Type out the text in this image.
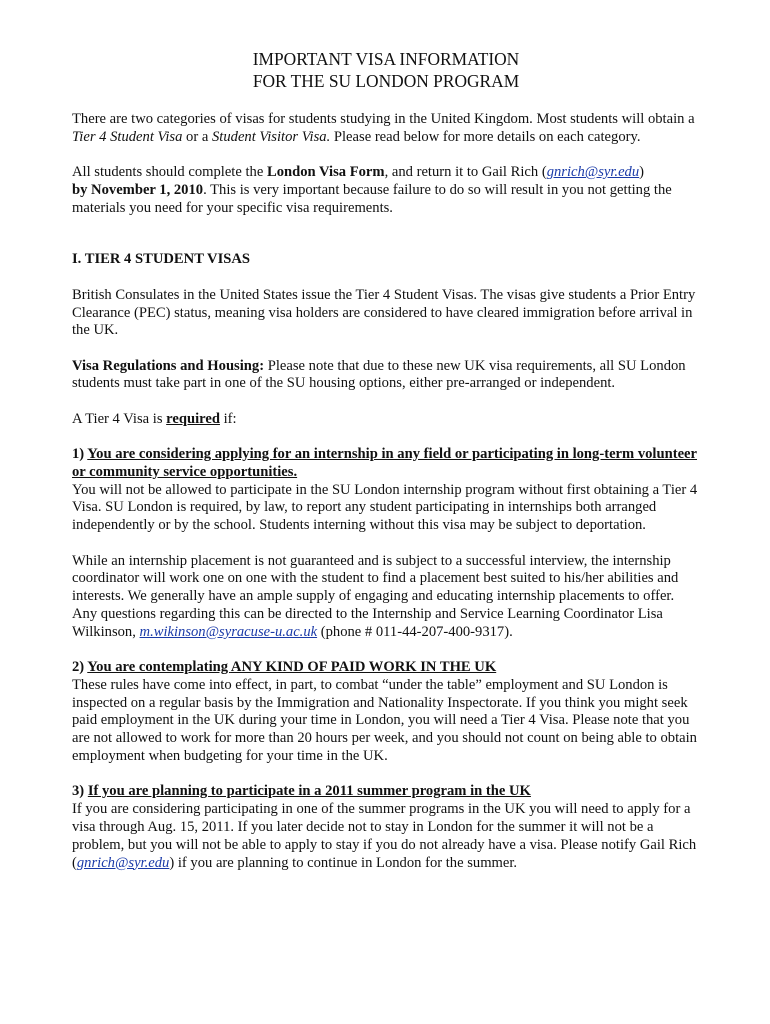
IMPORTANT VISA INFORMATION
FOR THE SU LONDON PROGRAM

There are two categories of visas for students studying in the United Kingdom. Most students will obtain a Tier 4 Student Visa or a Student Visitor Visa. Please read below for more details on each category.

All students should complete the London Visa Form, and return it to Gail Rich (gnrich@syr.edu)
by November 1, 2010. This is very important because failure to do so will result in you not getting the materials you need for your specific visa requirements.

I. TIER 4 STUDENT VISAS

British Consulates in the United States issue the Tier 4 Student Visas. The visas give students a Prior Entry Clearance (PEC) status, meaning visa holders are considered to have cleared immigration before arrival in the UK.

Visa Regulations and Housing: Please note that due to these new UK visa requirements, all SU London students must take part in one of the SU housing options, either pre-arranged or independent.

A Tier 4 Visa is required if:

1) You are considering applying for an internship in any field or participating in long-term volunteer or community service opportunities.
You will not be allowed to participate in the SU London internship program without first obtaining a Tier 4 Visa. SU London is required, by law, to report any student participating in internships both arranged independently or by the school. Students interning without this visa may be subject to deportation.

While an internship placement is not guaranteed and is subject to a successful interview, the internship coordinator will work one on one with the student to find a placement best suited to his/her abilities and interests. We generally have an ample supply of engaging and educating internship placements to offer. Any questions regarding this can be directed to the Internship and Service Learning Coordinator Lisa Wilkinson, m.wikinson@syracuse-u.ac.uk (phone # 011-44-207-400-9317).

2) You are contemplating ANY KIND OF PAID WORK IN THE UK
These rules have come into effect, in part, to combat “under the table” employment and SU London is inspected on a regular basis by the Immigration and Nationality Inspectorate. If you think you might seek paid employment in the UK during your time in London, you will need a Tier 4 Visa. Please note that you are not allowed to work for more than 20 hours per week, and you should not count on being able to obtain employment when budgeting for your time in the UK.

3) If you are planning to participate in a 2011 summer program in the UK
If you are considering participating in one of the summer programs in the UK you will need to apply for a visa through Aug. 15, 2011. If you later decide not to stay in London for the summer it will not be a problem, but you will not be able to apply to stay if you do not already have a visa. Please notify Gail Rich (gnrich@syr.edu) if you are planning to continue in London for the summer.
